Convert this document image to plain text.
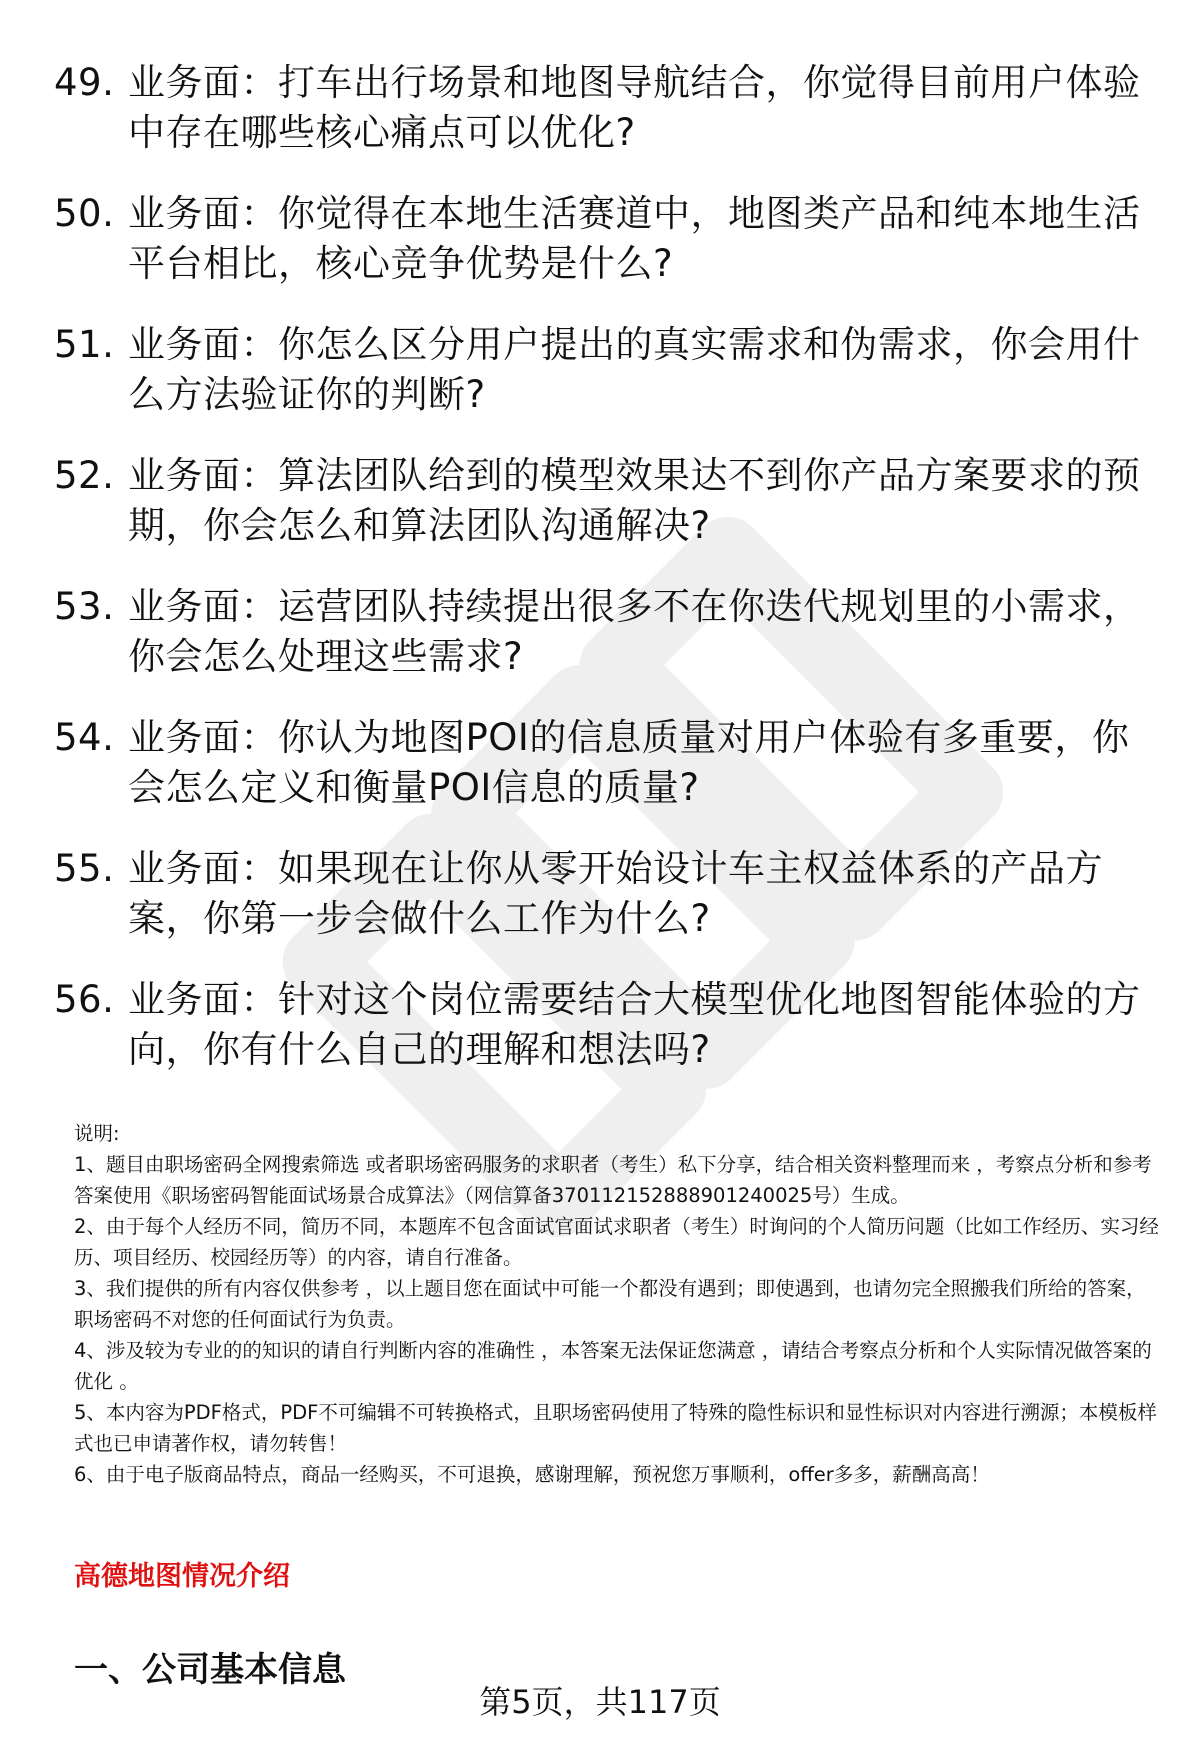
49. 业务面：打车出行场景和地图导航结合，你觉得目前用户体验中存在哪些核心痛点可以优化?
50. 业务面：你觉得在本地生活赛道中，地图类产品和纯本地生活平台相比，核心竞争优势是什么?
51. 业务面：你怎么区分用户提出的真实需求和伪需求，你会用什么方法验证你的判断?
52. 业务面：算法团队给到的模型效果达不到你产品方案要求的预期，你会怎么和算法团队沟通解决?
53. 业务面：运营团队持续提出很多不在你迭代规划里的小需求，你会怎么处理这些需求?
54. 业务面：你认为地图POI的信息质量对用户体验有多重要，你会怎么定义和衡量POI信息的质量?
55. 业务面：如果现在让你从零开始设计车主权益体系的产品方案，你第一步会做什么工作为什么?
56. 业务面：针对这个岗位需要结合大模型优化地图智能体验的方向，你有什么自己的理解和想法吗?

说明:

1、题目由职场密码全网搜索筛选 或者职场密码服务的求职者（考生）私下分享，结合相关资料整理而来 ，考察点分析和参考答案使用《职场密码智能面试场景合成算法》（网信算备370112152888901240025号）生成。

2、由于每个人经历不同，简历不同，本题库不包含面试官面试求职者（考生）时询问的个人简历问题（比如工作经历、实习经历、项目经历、校园经历等）的内容，请自行准备。

3、我们提供的所有内容仅供参考 ，以上题目您在面试中可能一个都没有遇到；即使遇到，也请勿完全照搬我们所给的答案，职场密码不对您的任何面试行为负责。

4、涉及较为专业的的知识的请自行判断内容的准确性 ，本答案无法保证您满意 ，请结合考察点分析和个人实际情况做答案的优化 。

5、本内容为PDF格式，PDF不可编辑不可转换格式，且职场密码使用了特殊的隐性标识和显性标识对内容进行溯源；本模板样式也已申请著作权，请勿转售！

6、由于电子版商品特点，商品一经购买，不可退换，感谢理解，预祝您万事顺利，offer多多，薪酬高高！

高德地图情况介绍
一、公司基本信息
第5页，共117页
